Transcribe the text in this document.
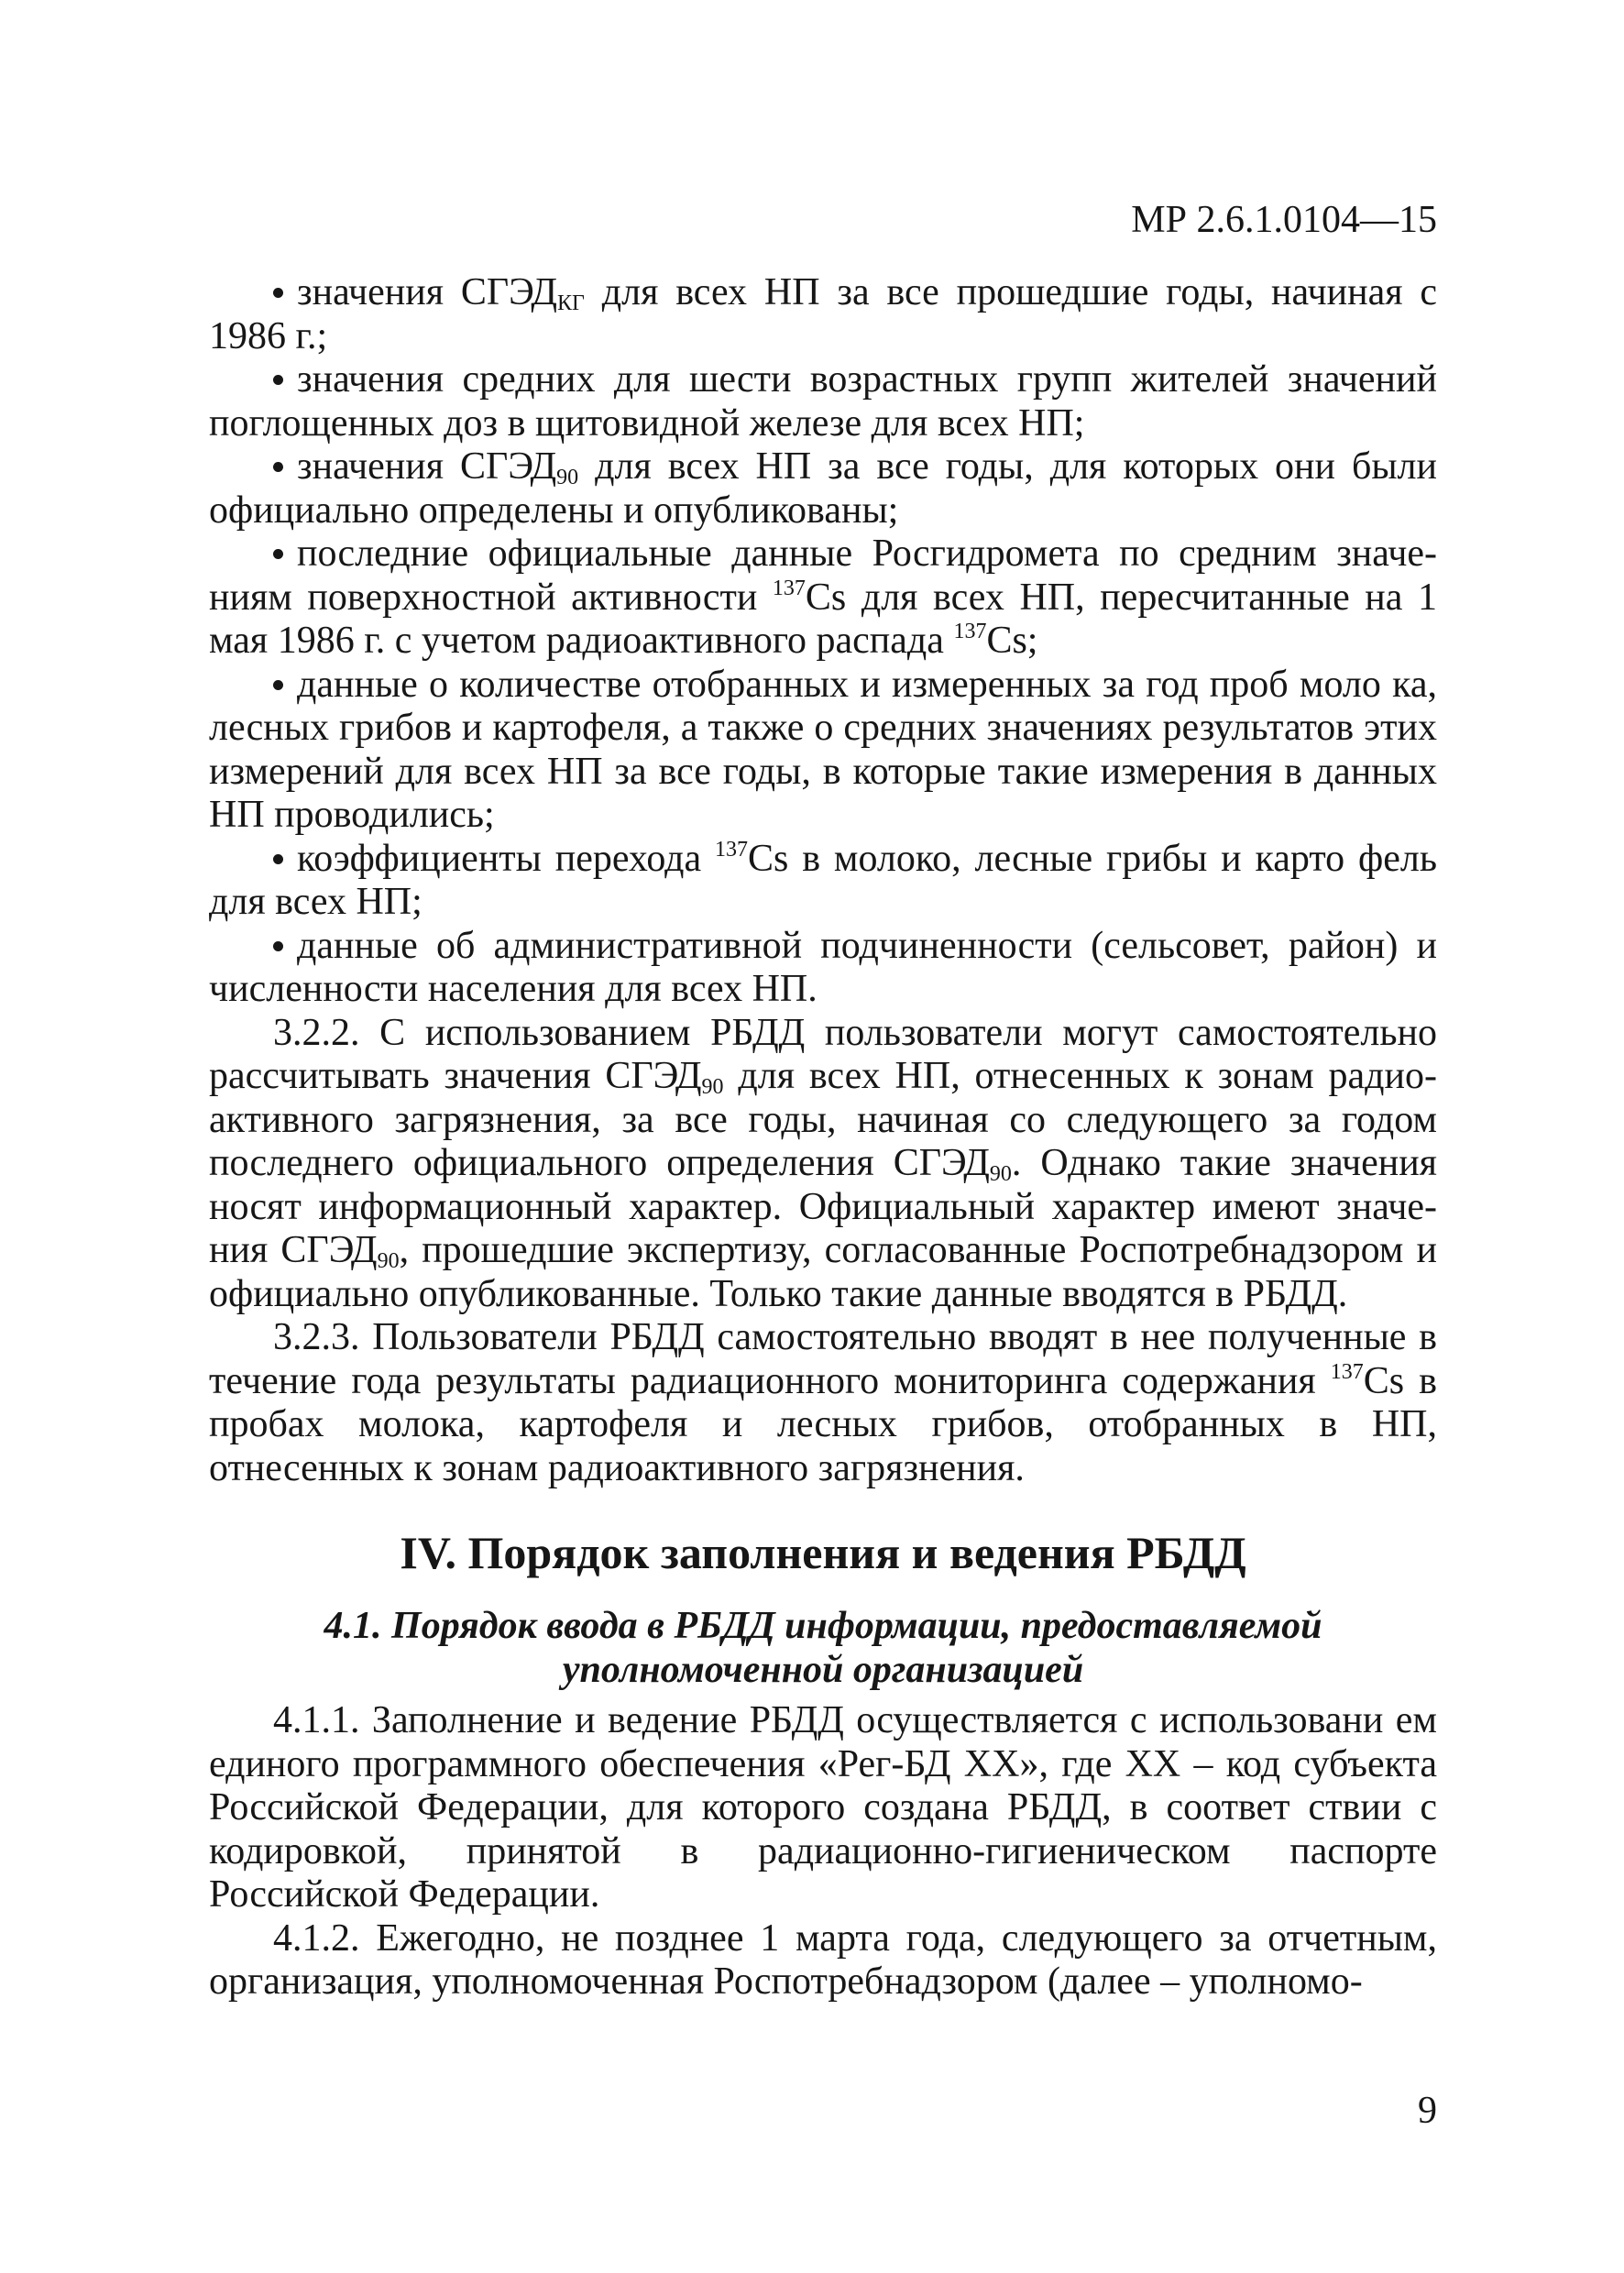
МР 2.6.1.0104—15

значения $СГЭД_{КГ}$ для всех НП за все прошедшие годы, начиная с 1986 г.;

значения средних для шести возрастных групп жителей значений поглощенных доз в щитовидной железе для всех НП;

значения $СГЭД_{90}$ для всех НП за все годы, для которых они были официально определены и опубликованы;

последние официальные данные Росгидромета по средним значе ниям поверхностной активности $^{137}$Cs для всех НП, пересчитанные на 1 мая 1986 г. с учетом радиоактивного распада $^{137}$Cs;

данные о количестве отобранных и измеренных за год проб моло ка, лесных грибов и картофеля, а также о средних значениях результатов этих измерений для всех НП за все годы, в которые такие измерения в данных НП проводились;

коэффициенты перехода $^{137}$Cs в молоко, лесные грибы и карто фель для всех НП;

данные об административной подчиненности (сельсовет, район) и численности населения для всех НП.

3.2.2. С использованием РБДД пользователи могут самостоятельно рассчитывать значения $СГЭД_{90}$ для всех НП, отнесенных к зонам радио активного загрязнения, за все годы, начиная со следующего за годом последнего официального определения $СГЭД_{90}$. Однако такие значения носят информационный характер. Официальный характер имеют значе ния $СГЭД_{90}$, прошедшие экспертизу, согласованные Роспотребнадзором и официально опубликованные. Только такие данные вводятся в РБДД.

3.2.3. Пользователи РБДД самостоятельно вводят в нее полученные в течение года результаты радиационного мониторинга содержания $^{137}$Cs в пробах молока, картофеля и лесных грибов, отобранных в НП, отнесенных к зонам радиоактивного загрязнения.

IV. Порядок заполнения и ведения РБДД
4.1. Порядок ввода в РБДД информации, предоставляемой
уполномоченной организацией

4.1.1. Заполнение и ведение РБДД осуществляется с использовани ем единого программного обеспечения «Рег-БД XX», где XX – код субъекта Российской Федерации, для которого создана РБДД, в соответ ствии с кодировкой, принятой в радиационно-гигиеническом паспорте Российской Федерации.

4.1.2. Ежегодно, не позднее 1 марта года, следующего за отчетным, организация, уполномоченная Роспотребнадзором (далее – уполномо-

9
